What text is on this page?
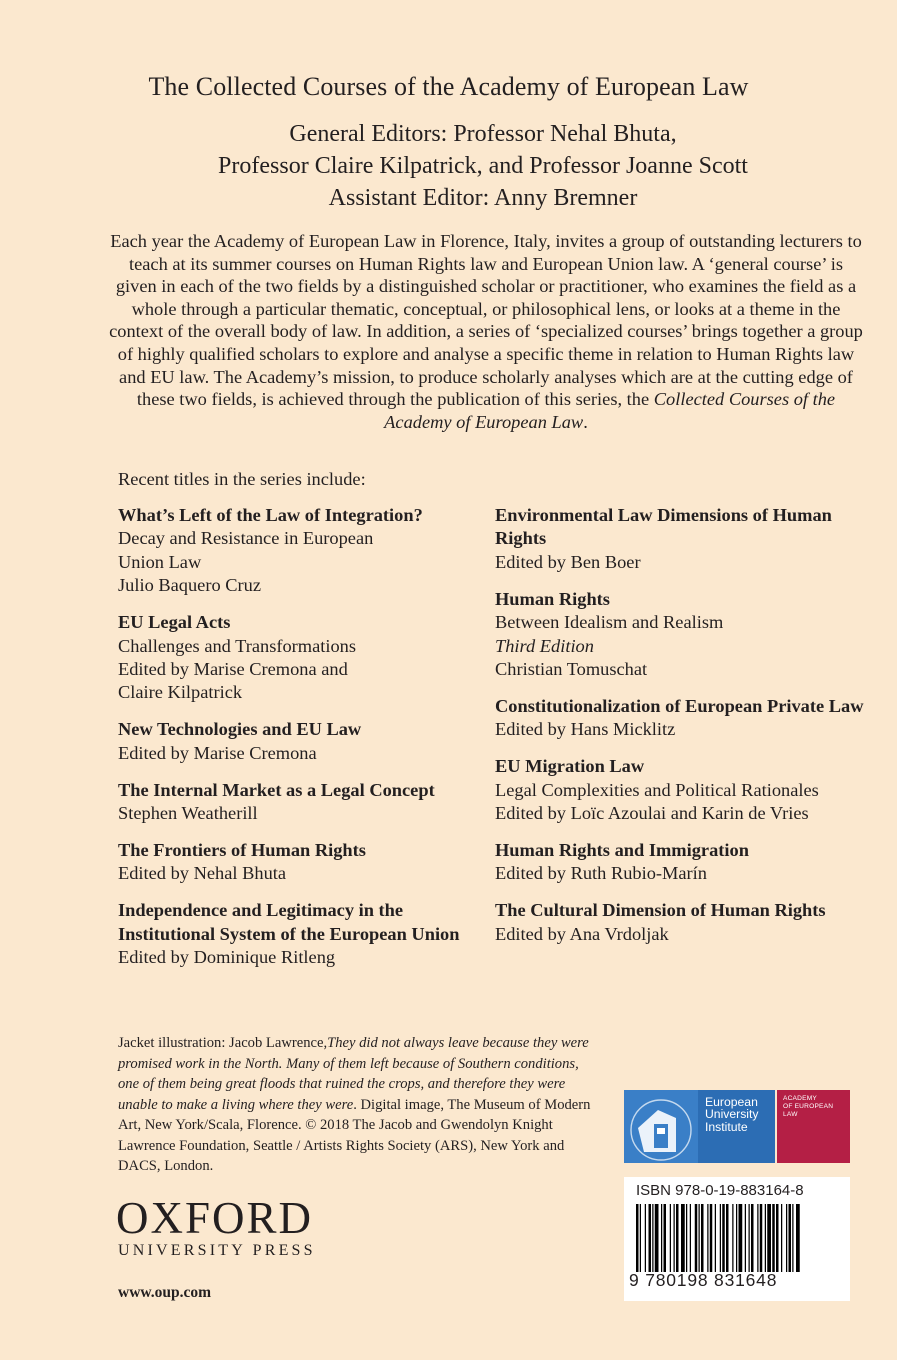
The Collected Courses of the Academy of European Law
General Editors: Professor Nehal Bhuta,
Professor Claire Kilpatrick, and Professor Joanne Scott
Assistant Editor: Anny Bremner
Each year the Academy of European Law in Florence, Italy, invites a group of outstanding lecturers to teach at its summer courses on Human Rights law and European Union law. A ‘general course’ is given in each of the two fields by a distinguished scholar or practitioner, who examines the field as a whole through a particular thematic, conceptual, or philosophical lens, or looks at a theme in the context of the overall body of law. In addition, a series of ‘specialized courses’ brings together a group of highly qualified scholars to explore and analyse a specific theme in relation to Human Rights law and EU law. The Academy’s mission, to produce scholarly analyses which are at the cutting edge of these two fields, is achieved through the publication of this series, the Collected Courses of the Academy of European Law.
Recent titles in the series include:
What’s Left of the Law of Integration?
Decay and Resistance in European
Union Law
Julio Baquero Cruz
EU Legal Acts
Challenges and Transformations
Edited by Marise Cremona and
Claire Kilpatrick
New Technologies and EU Law
Edited by Marise Cremona
The Internal Market as a Legal Concept
Stephen Weatherill
The Frontiers of Human Rights
Edited by Nehal Bhuta
Independence and Legitimacy in the Institutional System of the European Union
Edited by Dominique Ritleng
Environmental Law Dimensions of Human Rights
Edited by Ben Boer
Human Rights
Between Idealism and Realism
Third Edition
Christian Tomuschat
Constitutionalization of European Private Law
Edited by Hans Micklitz
EU Migration Law
Legal Complexities and Political Rationales
Edited by Loïc Azoulai and Karin de Vries
Human Rights and Immigration
Edited by Ruth Rubio-Marín
The Cultural Dimension of Human Rights
Edited by Ana Vrdoljak
Jacket illustration: Jacob Lawrence,They did not always leave because they were promised work in the North. Many of them left because of Southern conditions, one of them being great floods that ruined the crops, and therefore they were unable to make a living where they were. Digital image, The Museum of Modern Art, New York/Scala, Florence. © 2018 The Jacob and Gwendolyn Knight Lawrence Foundation, Seattle / Artists Rights Society (ARS), New York and DACS, London.
OXFORD
UNIVERSITY PRESS
www.oup.com
European
University
Institute
ACADEMY
OF EUROPEAN
LAW
ISBN 978-0-19-883164-8
9 780198 831648
